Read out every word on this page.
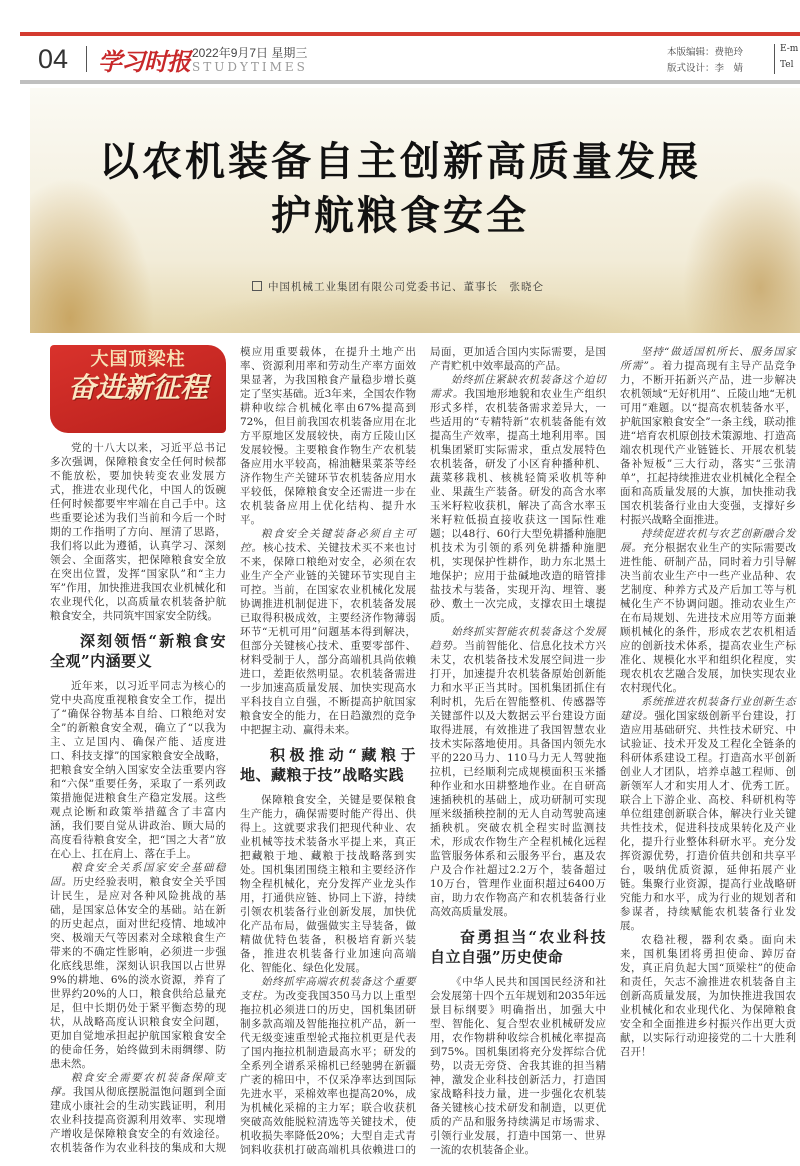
04 学习时报 2022年9月7日 星期三
STUDYTIMES
本版编辑：费艳玲
版式设计：李　婧
E-m
Tel
以农机装备自主创新高质量发展
护航粮食安全
中国机械工业集团有限公司党委书记、董事长　张晓仑
大国顶梁柱
奋进新征程

党的十八大以来，习近平总书记多次强调，保障粮食安全任何时候都不能放松，要加快转变农业发展方式，推进农业现代化，中国人的饭碗任何时候都要牢牢端在自己手中。这些重要论述为我们当前和今后一个时期的工作指明了方向、厘清了思路，我们将以此为遵循，认真学习、深刻领会、全面落实，把保障粮食安全放在突出位置，发挥“国家队”和“主力军”作用，加快推进我国农业机械化和农业现代化，以高质量农机装备护航粮食安全，共同筑牢国家安全防线。

深刻领悟“新粮食安全观”内涵要义

近年来，以习近平同志为核心的党中央高度重视粮食安全工作，提出了“确保谷物基本自给、口粮绝对安全”的新粮食安全观，确立了“以我为主、立足国内、确保产能、适度进口、科技支撑”的国家粮食安全战略，把粮食安全纳入国家安全法重要内容和“六保”重要任务，采取了一系列政策措施促进粮食生产稳定发展。这些观点论断和政策举措蕴含了丰富内涵，我们要自觉从讲政治、顾大局的高度看待粮食安全，把“国之大者”放在心上、扛在肩上、落在手上。

粮食安全关系国家安全基础稳固。历史经验表明，粮食安全关乎国计民生，是应对各种风险挑战的基础，是国家总体安全的基础。站在新的历史起点，面对世纪疫情、地域冲突、极端天气等因素对全球粮食生产带来的不确定性影响，必须进一步强化底线思维，深刻认识我国以占世界9%的耕地、6%的淡水资源，养育了世界约20%的人口，粮食供给总量充足，但中长期仍处于紧平衡态势的现状，从战略高度认识粮食安全问题，更加自觉地承担起护航国家粮食安全的使命任务，始终做到未雨绸缪、防患未然。

粮食安全需要农机装备保障支撑。我国从彻底摆脱温饱问题到全面建成小康社会的生动实践证明，利用农业科技提高资源利用效率、实现增产增收是保障粮食安全的有效途径。农机装备作为农业科技的集成和大规模应用重要载体，在提升土地产出率、资源利用率和劳动生产率方面效果显著，为我国粮食产量稳步增长奠定了坚实基础。近3年来，全国农作物耕种收综合机械化率由67%提高到72%，但目前我国农机装备应用在北方平原地区发展较快，南方丘陵山区发展较慢。主要粮食作物生产农机装备应用水平较高，棉油糖果菜茶等经济作物生产关键环节农机装备应用水平较低，保障粮食安全还需进一步在农机装备应用上优化结构、提升水平。

粮食安全关键装备必须自主可控。核心技术、关键技术买不来也讨不来，保障口粮绝对安全，必须在农业生产全产业链的关键环节实现自主可控。当前，在国家农业机械化发展协调推进机制促进下，农机装备发展已取得积极成效，主要经济作物薄弱环节“无机可用”问题基本得到解决，但部分关键核心技术、重要零部件、材料受制于人，部分高端机具尚依赖进口，差距依然明显。农机装备需进一步加速高质量发展、加快实现高水平科技自立自强，不断提高护航国家粮食安全的能力，在日趋激烈的竞争中把握主动、赢得未来。

积极推动“藏粮于地、藏粮于技”战略实践

保障粮食安全，关键是要保粮食生产能力，确保需要时能产得出、供得上。这就要求我们把现代种业、农业机械等技术装备水平提上来，真正把藏粮于地、藏粮于技战略落到实处。国机集团围绕主粮和主要经济作物全程机械化，充分发挥产业龙头作用，打通供应链、协同上下游，持续引领农机装备行业创新发展，加快优化产品布局，做强做实主导装备，做精做优特色装备，积极培育新兴装备，推进农机装备行业加速向高端化、智能化、绿色化发展。

始终抓牢高端农机装备这个重要支柱。为改变我国350马力以上重型拖拉机必须进口的历史，国机集团研制多款高端及智能拖拉机产品，新一代无级变速重型轮式拖拉机更是代表了国内拖拉机制造最高水平；研发的全系列全谱系采棉机已经驰骋在新疆广袤的棉田中，不仅采净率达到国际先进水平，采棉效率也提高20%，成为机械化采棉的主力军；联合收获机突破高效能脱粒清选等关键技术，使机收损失率降低20%；大型自走式青饲料收获机打破高端机具依赖进口的局面，更加适合国内实际需要，是国产青贮机中效率最高的产品。

始终抓住紧缺农机装备这个迫切需求。我国地形地貌和农业生产组织形式多样，农机装备需求差异大，一些适用的“专精特新”农机装备能有效提高生产效率，提高土地利用率。国机集团紧盯实际需求，重点发展特色农机装备，研发了小区育种播种机、蔬菜移栽机、核桃轻简采收机等种业、果蔬生产装备。研发的高含水率玉米籽粒收获机，解决了高含水率玉米籽粒低损直接收获这一国际性难题；以48行、60行大型免耕播种施肥机技术为引领的系列免耕播种施肥机，实现保护性耕作，助力东北黑土地保护；应用于盐碱地改造的暗管排盐技术与装备，实现开沟、埋管、裹砂、敷土一次完成，支撑农田土壤提质。

始终抓实智能农机装备这个发展趋势。当前智能化、信息化技术方兴未艾，农机装备技术发展空间进一步打开，加速提升农机装备原始创新能力和水平正当其时。国机集团抓住有利时机，先后在智能整机、传感器等关键部件以及大数据云平台建设方面取得进展，有效推进了我国智慧农业技术实际落地使用。具备国内领先水平的220马力、110马力无人驾驶拖拉机，已经顺利完成规模面积玉米播种作业和水田耕整地作业。在自研高速插秧机的基础上，成功研制可实现厘米级插秧控制的无人自动驾驶高速插秧机。突破农机全程实时监测技术，形成农作物生产全程机械化远程监管服务体系和云服务平台，惠及农户及合作社超过2.2万个，装备超过10万台，管理作业面积超过6400万亩，助力农作物高产和农机装备行业高效高质量发展。

奋勇担当“农业科技自立自强”历史使命

《中华人民共和国国民经济和社会发展第十四个五年规划和2035年远景目标纲要》明确指出，加强大中型、智能化、复合型农业机械研发应用，农作物耕种收综合机械化率提高到75%。国机集团将充分发挥综合优势，以责无旁贷、舍我其谁的担当精神，激发企业科技创新活力，打造国家战略科技力量，进一步强化农机装备关键核心技术研发和制造，以更优质的产品和服务持续满足市场需求、引领行业发展，打造中国第一、世界一流的农机装备企业。

坚持“做适国机所长、服务国家所需”。着力提高现有主导产品竞争力，不断开拓新兴产品，进一步解决农机领域“无好机用”、丘陵山地“无机可用”难题。以“提高农机装备水平，护航国家粮食安全”一条主线，联动推进“培育农机原创技术策源地、打造高端农机现代产业链链长、开展农机装备补短板”三大行动，落实“三张清单”，扛起持续推进农业机械化全程全面和高质量发展的大旗，加快推动我国农机装备行业由大变强，支撑好乡村振兴战略全面推进。

持续促进农机与农艺创新融合发展。充分根据农业生产的实际需要改进性能、研制产品，同时着力引导解决当前农业生产中一些产业品种、农艺制度、种养方式及产后加工等与机械化生产不协调问题。推动农业生产在布局规划、先进技术应用等方面兼顾机械化的条件，形成农艺农机相适应的创新技术体系，提高农业生产标准化、规模化水平和组织化程度，实现农机农艺融合发展，加快实现农业农村现代化。

系统推进农机装备行业创新生态建设。强化国家级创新平台建设，打造应用基础研究、共性技术研究、中试验证、技术开发及工程化全链条的科研体系建设工程。打造高水平创新创业人才团队，培养卓越工程师、创新领军人才和实用人才、优秀工匠。联合上下游企业、高校、科研机构等单位组建创新联合体，解决行业关键共性技术，促进科技成果转化及产业化，提升行业整体科研水平。充分发挥资源优势，打造价值共创和共享平台，吸纳优质资源，延伸拓展产业链。集聚行业资源，提高行业战略研究能力和水平，成为行业的规划者和参谋者，持续赋能农机装备行业发展。

农稳社稷，器利农桑。面向未来，国机集团将勇担使命、踔厉奋发，真正肩负起大国“顶梁柱”的使命和责任，矢志不渝推进农机装备自主创新高质量发展，为加快推进我国农业机械化和农业现代化、为保障粮食安全和全面推进乡村振兴作出更大贡献，以实际行动迎接党的二十大胜利召开！
